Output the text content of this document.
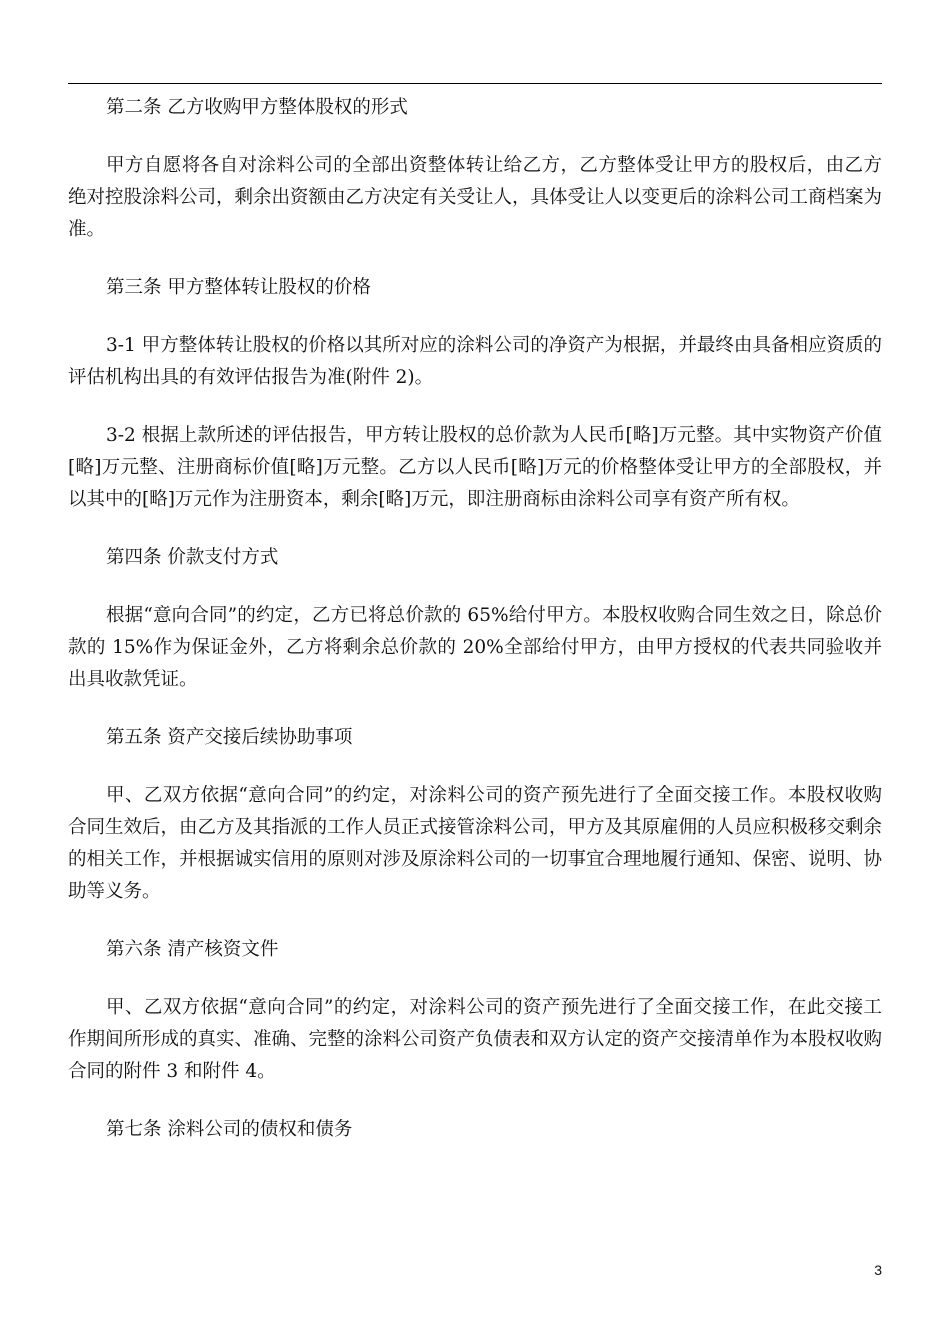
第二条 乙方收购甲方整体股权的形式

甲方自愿将各自对涂料公司的全部出资整体转让给乙方，乙方整体受让甲方的股权后，由乙方绝对控股涂料公司，剩余出资额由乙方决定有关受让人，具体受让人以变更后的涂料公司工商档案为准。

第三条 甲方整体转让股权的价格

3-1 甲方整体转让股权的价格以其所对应的涂料公司的净资产为根据，并最终由具备相应资质的评估机构出具的有效评估报告为准(附件 2)。

3-2 根据上款所述的评估报告，甲方转让股权的总价款为人民币[略]万元整。其中实物资产价值[略]万元整、注册商标价值[略]万元整。乙方以人民币[略]万元的价格整体受让甲方的全部股权，并以其中的[略]万元作为注册资本，剩余[略]万元，即注册商标由涂料公司享有资产所有权。

第四条 价款支付方式

根据“意向合同”的约定，乙方已将总价款的 65%给付甲方。本股权收购合同生效之日，除总价款的 15%作为保证金外，乙方将剩余总价款的 20%全部给付甲方，由甲方授权的代表共同验收并出具收款凭证。

第五条 资产交接后续协助事项

甲、乙双方依据“意向合同”的约定，对涂料公司的资产预先进行了全面交接工作。本股权收购合同生效后，由乙方及其指派的工作人员正式接管涂料公司，甲方及其原雇佣的人员应积极移交剩余的相关工作，并根据诚实信用的原则对涉及原涂料公司的一切事宜合理地履行通知、保密、说明、协助等义务。

第六条 清产核资文件

甲、乙双方依据“意向合同”的约定，对涂料公司的资产预先进行了全面交接工作，在此交接工作期间所形成的真实、准确、完整的涂料公司资产负债表和双方认定的资产交接清单作为本股权收购合同的附件 3 和附件 4。

第七条 涂料公司的债权和债务

3
